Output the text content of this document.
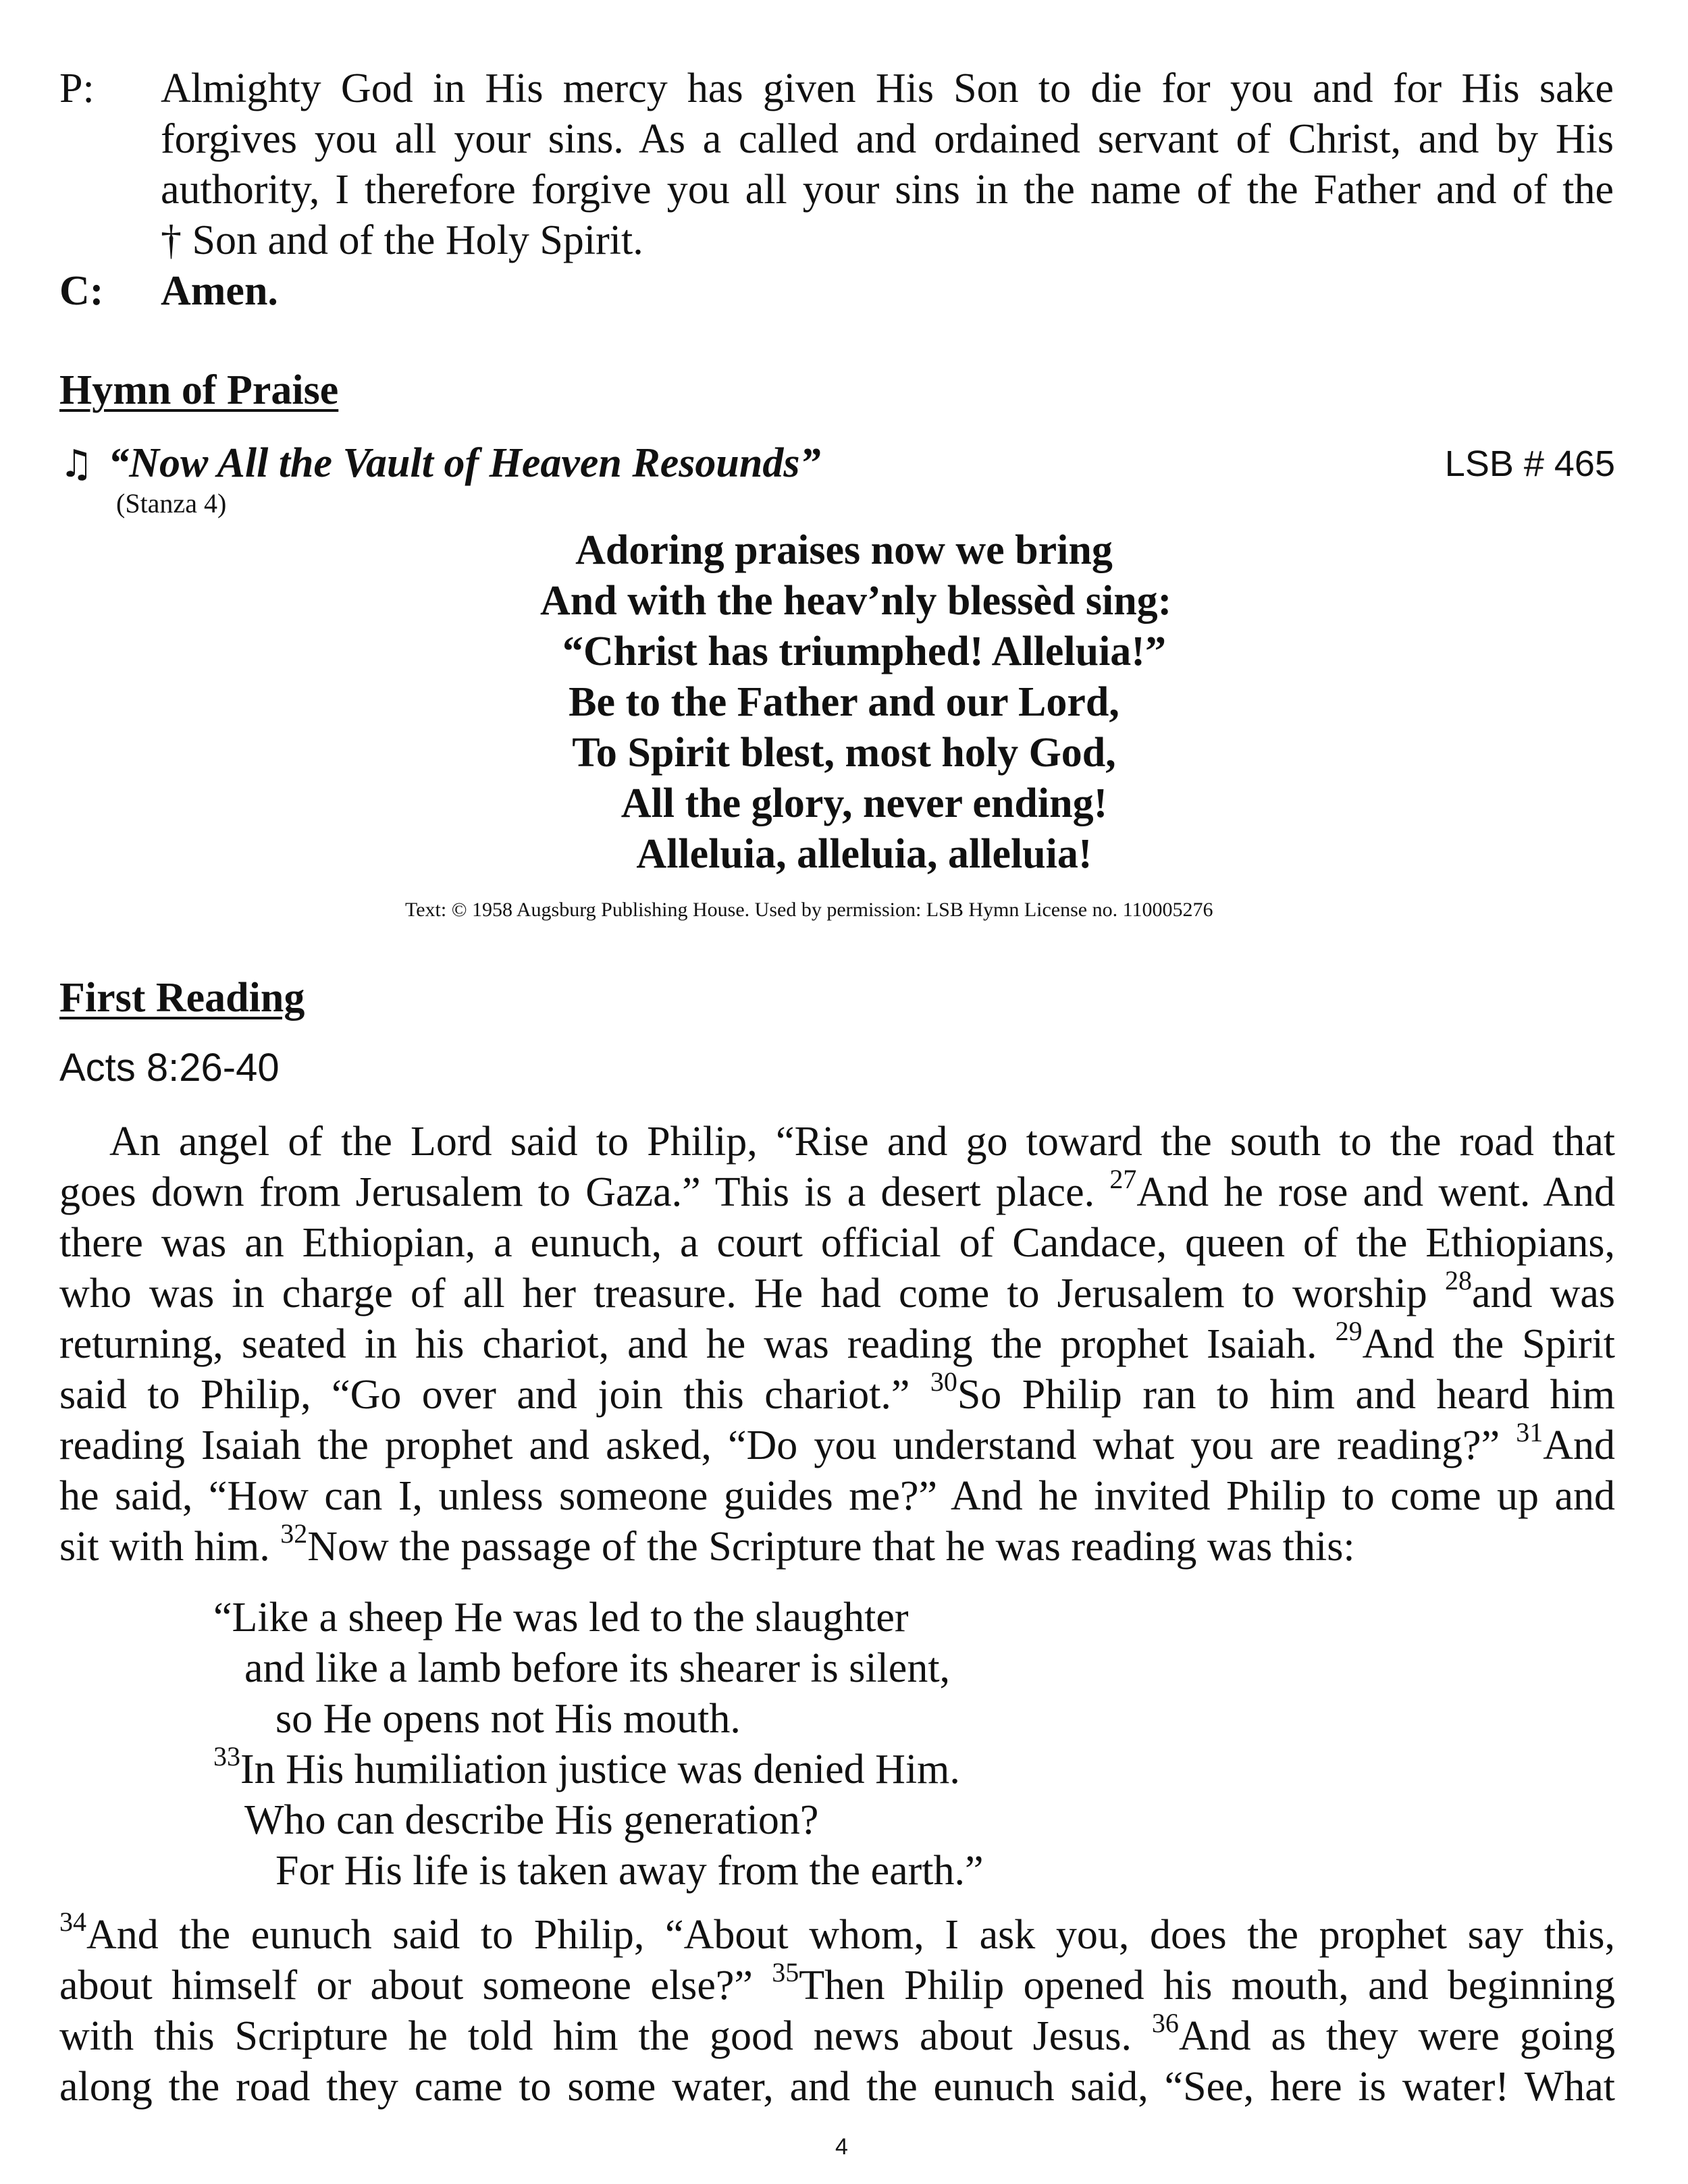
P: Almighty God in His mercy has given His Son to die for you and for His sake
forgives you all your sins. As a called and ordained servant of Christ, and by His
authority, I therefore forgive you all your sins in the name of the Father and of the
† Son and of the Holy Spirit.
C: Amen.
Hymn of Praise
♫ “Now All the Vault of Heaven Resounds”	LSB # 465
(Stanza 4)
Adoring praises now we bring
And with the heav’nly blessèd sing:
“Christ has triumphed! Alleluia!”
Be to the Father and our Lord,
To Spirit blest, most holy God,
All the glory, never ending!
Alleluia, alleluia, alleluia!
Text: © 1958 Augsburg Publishing House. Used by permission: LSB Hymn License no. 110005276
First Reading
Acts 8:26-40
An angel of the Lord said to Philip, “Rise and go toward the south to the road that
goes down from Jerusalem to Gaza.” This is a desert place. $^{27}$And he rose and went. And
there was an Ethiopian, a eunuch, a court official of Candace, queen of the Ethiopians,
who was in charge of all her treasure. He had come to Jerusalem to worship $^{28}$and was
returning, seated in his chariot, and he was reading the prophet Isaiah. $^{29}$And the Spirit
said to Philip, “Go over and join this chariot.” $^{30}$So Philip ran to him and heard him
reading Isaiah the prophet and asked, “Do you understand what you are reading?” $^{31}$And
he said, “How can I, unless someone guides me?” And he invited Philip to come up and
sit with him. $^{32}$Now the passage of the Scripture that he was reading was this:
“Like a sheep He was led to the slaughter
and like a lamb before its shearer is silent,
so He opens not His mouth.
$^{33}$In His humiliation justice was denied Him.
Who can describe His generation?
For His life is taken away from the earth.”
$^{34}$And the eunuch said to Philip, “About whom, I ask you, does the prophet say this,
about himself or about someone else?” $^{35}$Then Philip opened his mouth, and beginning
with this Scripture he told him the good news about Jesus. $^{36}$And as they were going
along the road they came to some water, and the eunuch said, “See, here is water! What
4
